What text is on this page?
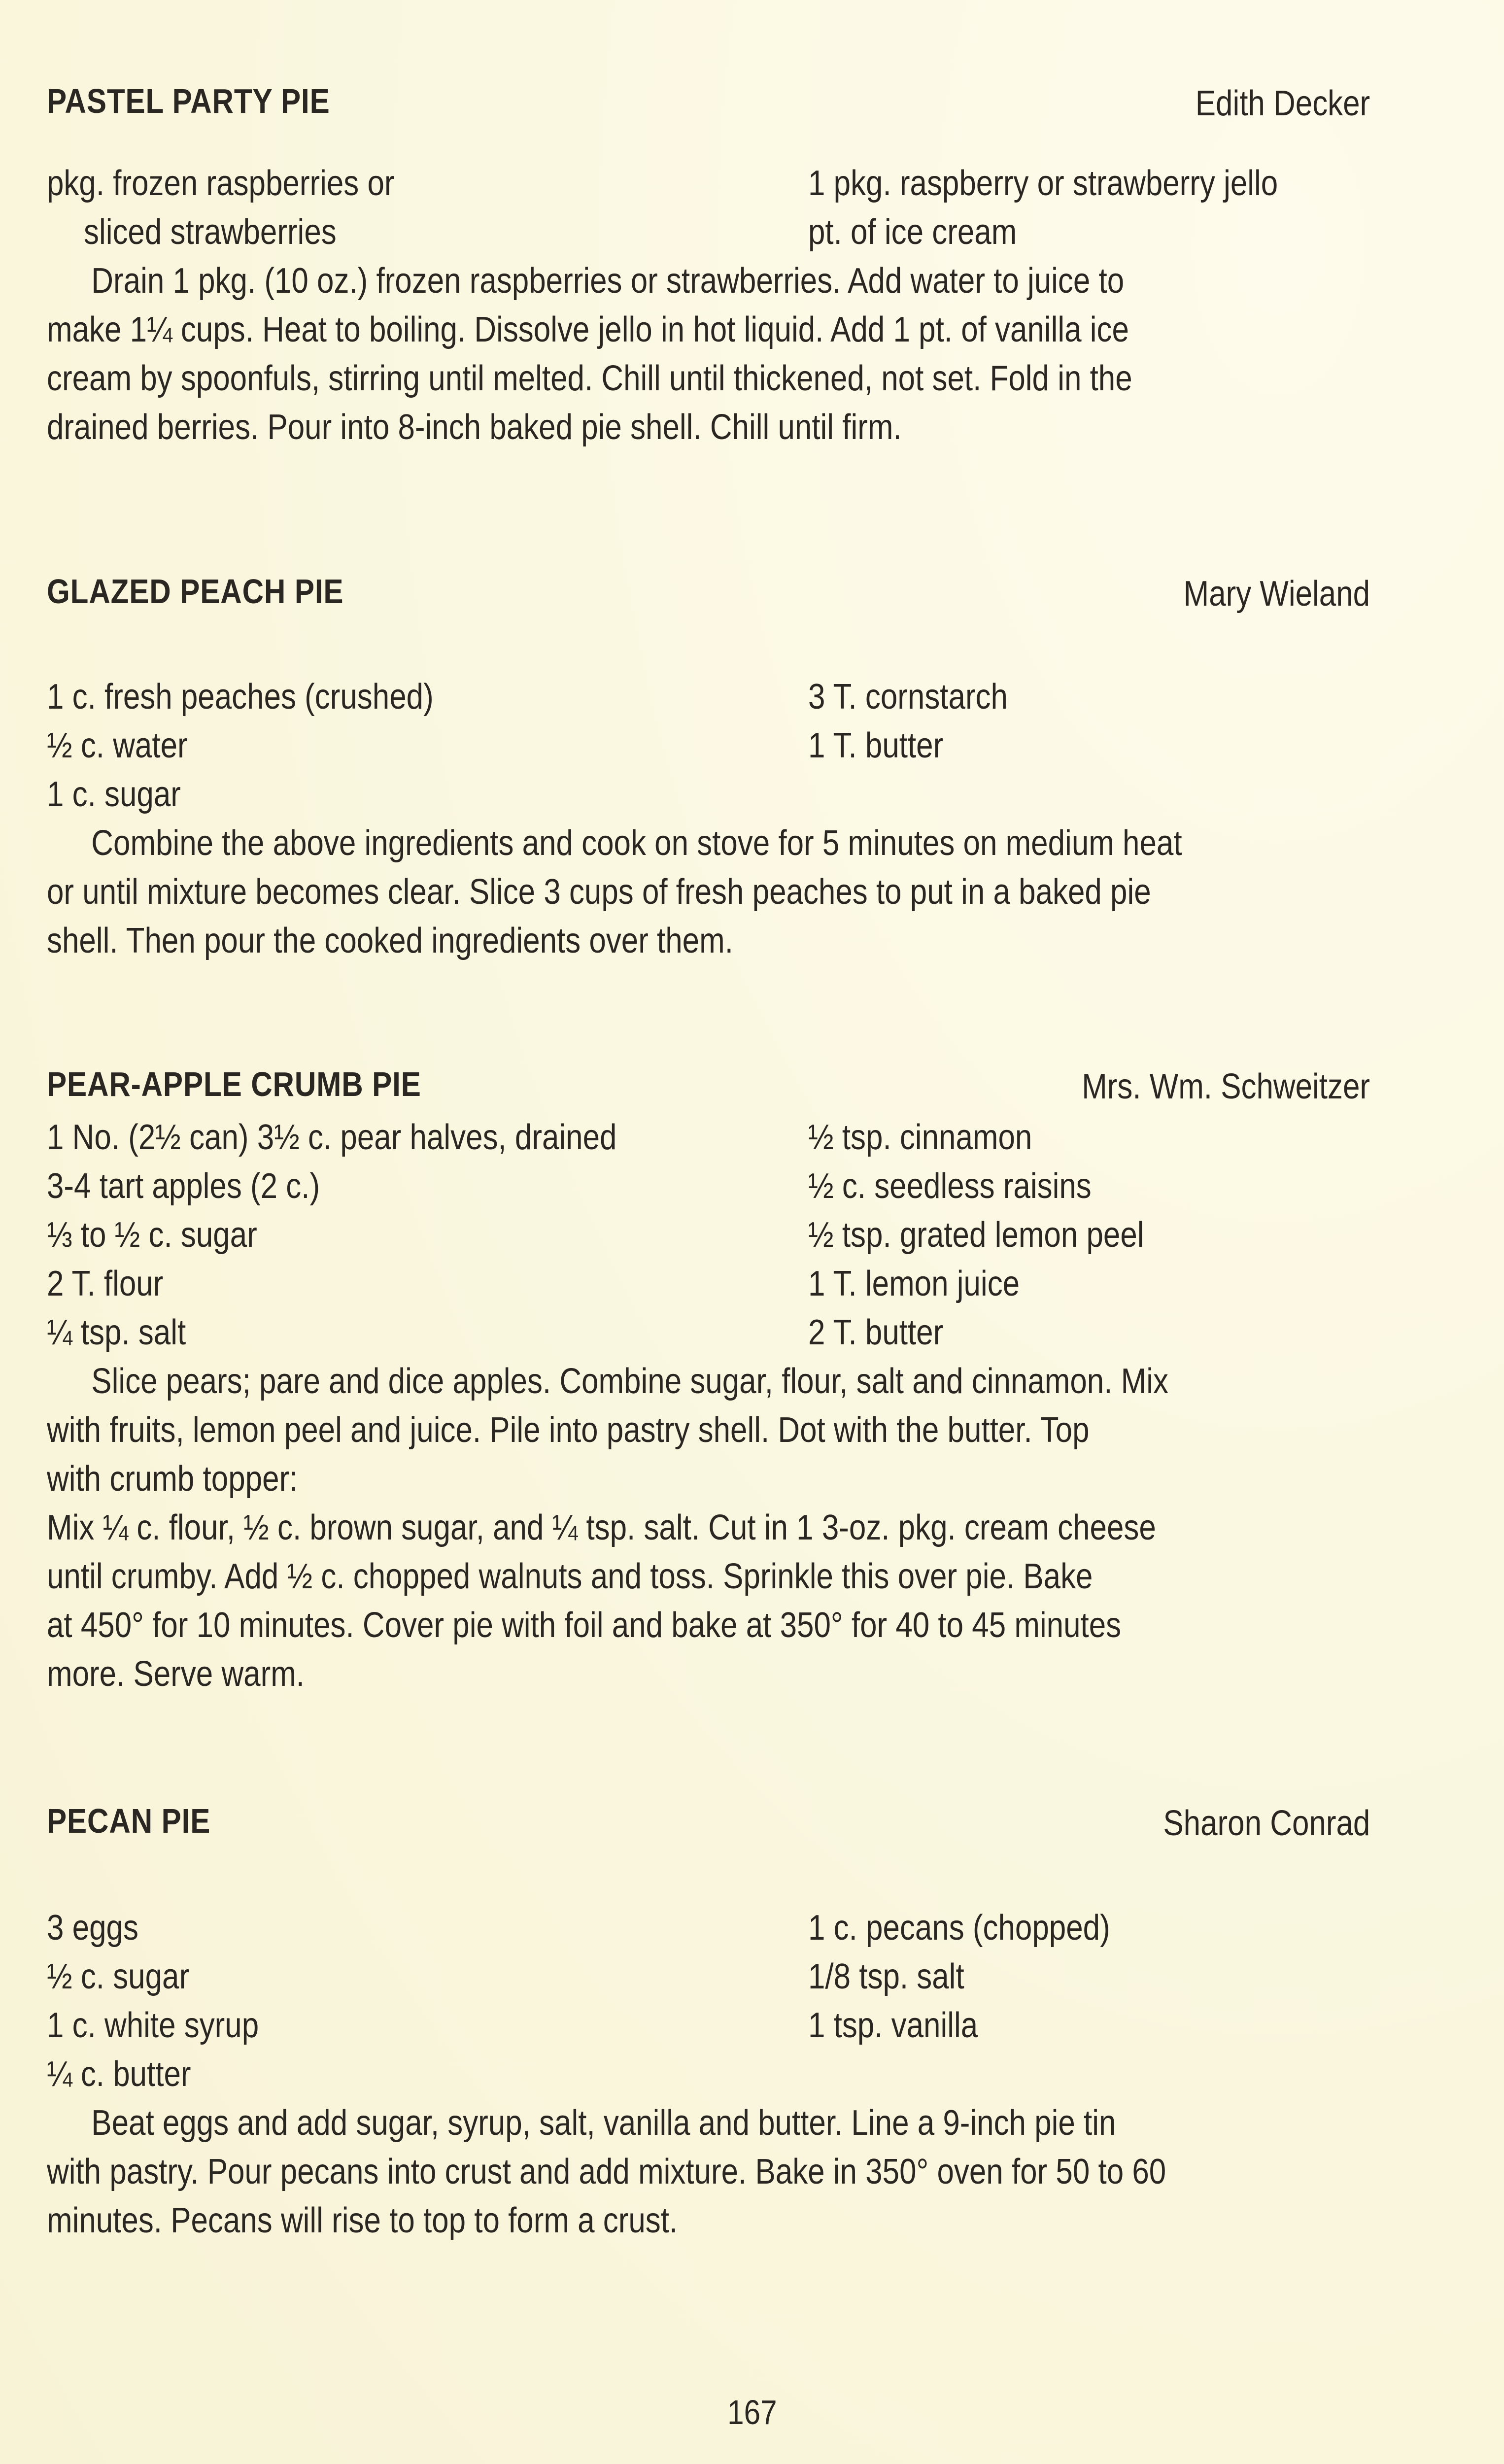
PASTEL PARTY PIE	Edith Decker
pkg. frozen raspberries or	1 pkg. raspberry or strawberry jello
sliced strawberries	pt. of ice cream
Drain 1 pkg. (10 oz.) frozen raspberries or strawberries. Add water to juice to
make 1¼ cups. Heat to boiling. Dissolve jello in hot liquid. Add 1 pt. of vanilla ice
cream by spoonfuls, stirring until melted. Chill until thickened, not set. Fold in the
drained berries. Pour into 8-inch baked pie shell. Chill until firm.
GLAZED PEACH PIE	Mary Wieland
1 c. fresh peaches (crushed)	3 T. cornstarch
½ c. water	1 T. butter
1 c. sugar
Combine the above ingredients and cook on stove for 5 minutes on medium heat
or until mixture becomes clear. Slice 3 cups of fresh peaches to put in a baked pie
shell. Then pour the cooked ingredients over them.
PEAR-APPLE CRUMB PIE	Mrs. Wm. Schweitzer
1 No. (2½ can) 3½ c. pear halves, drained	½ tsp. cinnamon
3-4 tart apples (2 c.)	½ c. seedless raisins
⅓ to ½ c. sugar	½ tsp. grated lemon peel
2 T. flour	1 T. lemon juice
¼ tsp. salt	2 T. butter
Slice pears; pare and dice apples. Combine sugar, flour, salt and cinnamon. Mix
with fruits, lemon peel and juice. Pile into pastry shell. Dot with the butter. Top
with crumb topper:
Mix ¼ c. flour, ½ c. brown sugar, and ¼ tsp. salt. Cut in 1 3-oz. pkg. cream cheese
until crumby. Add ½ c. chopped walnuts and toss. Sprinkle this over pie. Bake
at 450° for 10 minutes. Cover pie with foil and bake at 350° for 40 to 45 minutes
more. Serve warm.
PECAN PIE	Sharon Conrad
3 eggs	1 c. pecans (chopped)
½ c. sugar	1/8 tsp. salt
1 c. white syrup	1 tsp. vanilla
¼ c. butter
Beat eggs and add sugar, syrup, salt, vanilla and butter. Line a 9-inch pie tin
with pastry. Pour pecans into crust and add mixture. Bake in 350° oven for 50 to 60
minutes. Pecans will rise to top to form a crust.
167
